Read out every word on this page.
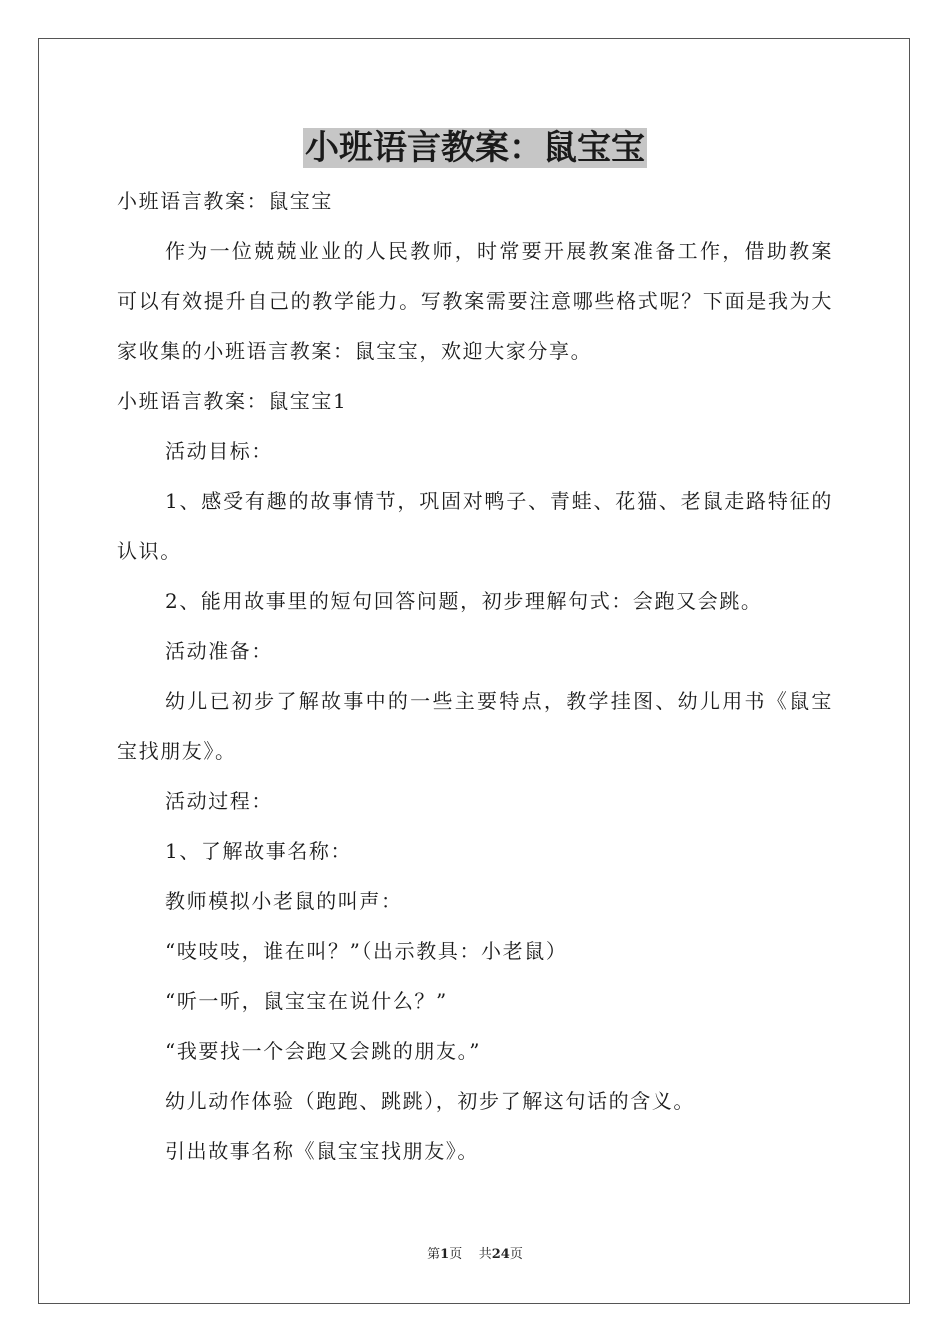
小班语言教案：鼠宝宝

小班语言教案：鼠宝宝

作为一位兢兢业业的人民教师，时常要开展教案准备工作，借助教案可以有效提升自己的教学能力。写教案需要注意哪些格式呢？下面是我为大家收集的小班语言教案：鼠宝宝，欢迎大家分享。

小班语言教案：鼠宝宝1

活动目标：

1、感受有趣的故事情节，巩固对鸭子、青蛙、花猫、老鼠走路特征的认识。

2、能用故事里的短句回答问题，初步理解句式：会跑又会跳。

活动准备：

幼儿已初步了解故事中的一些主要特点，教学挂图、幼儿用书《鼠宝宝找朋友》。

活动过程：

1、了解故事名称：

教师模拟小老鼠的叫声：

“吱吱吱，谁在叫？”（出示教具：小老鼠）

“听一听，鼠宝宝在说什么？”

“我要找一个会跑又会跳的朋友。”

幼儿动作体验（跑跑、跳跳），初步了解这句话的含义。

引出故事名称《鼠宝宝找朋友》。

第1页 共24页
